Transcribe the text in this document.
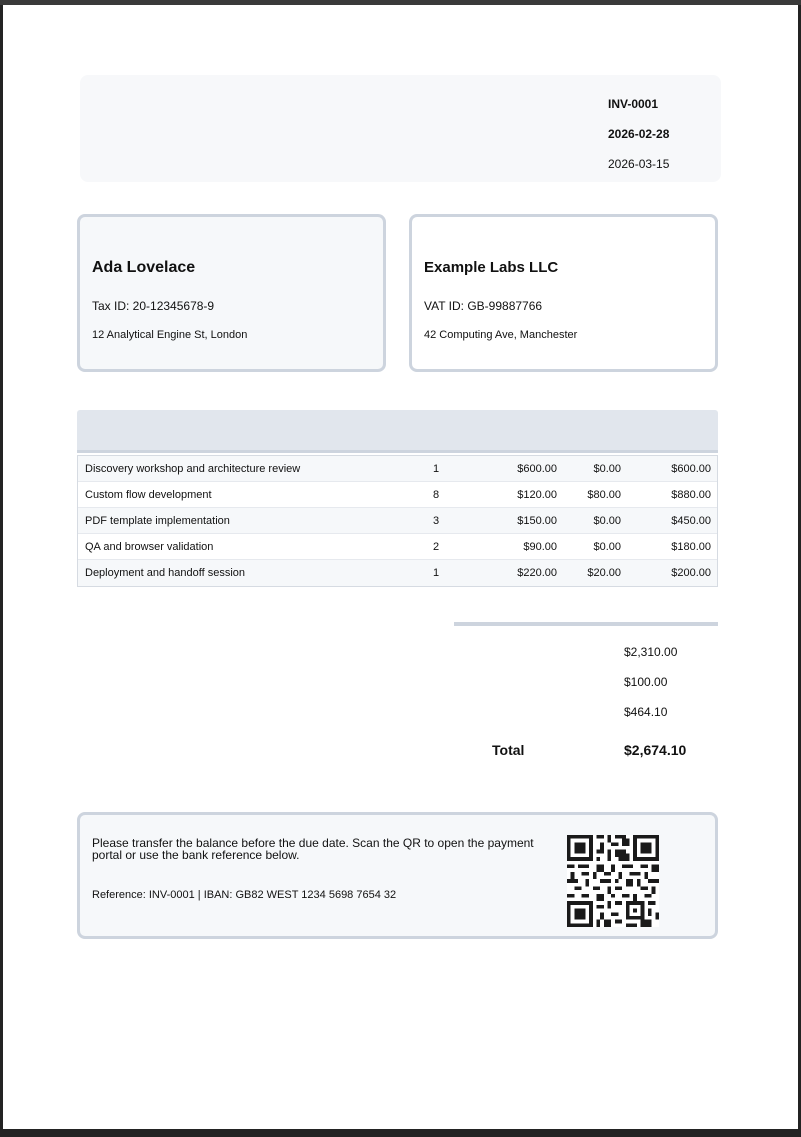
INV-0001
2026-02-28
2026-03-15
Ada Lovelace
Tax ID: 20-12345678-9
12 Analytical Engine St, London
Example Labs LLC
VAT ID: GB-99887766
42 Computing Ave, Manchester
Discovery workshop and architecture review	1	$600.00	$0.00	$600.00
Custom flow development	8	$120.00	$80.00	$880.00
PDF template implementation	3	$150.00	$0.00	$450.00
QA and browser validation	2	$90.00	$0.00	$180.00
Deployment and handoff session	1	$220.00	$20.00	$200.00
$2,310.00
$100.00
$464.10
Total	$2,674.10
Please transfer the balance before the due date. Scan the QR to open the payment portal or use the bank reference below.
Reference: INV-0001 | IBAN: GB82 WEST 1234 5698 7654 32
